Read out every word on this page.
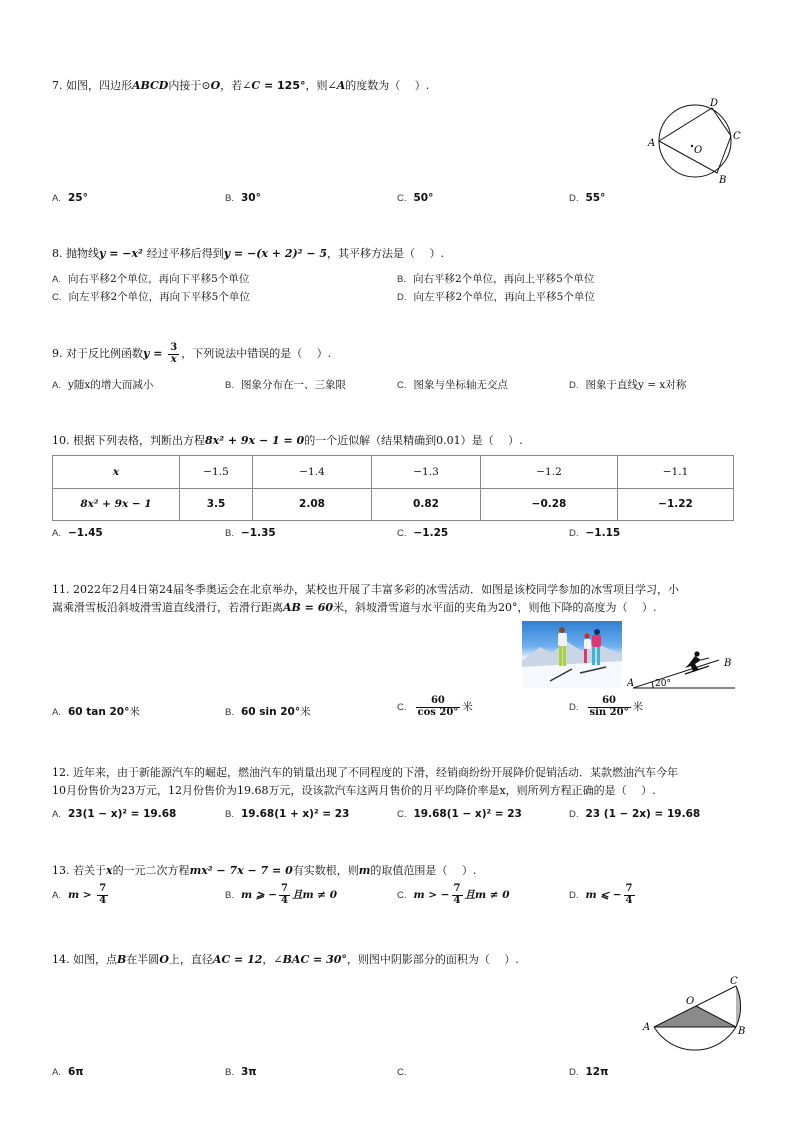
7. 如图，四边形ABCD内接于⊙O，若∠C = 125°，则∠A的度数为（　 ）.
A
D
C
B
O
A. 25°	B. 30°	C. 50°	D. 55°
8. 抛物线y = −x² 经过平移后得到y = −(x + 2)² − 5，其平移方法是（　 ）.
A. 向右平移2个单位，再向下平移5个单位	B. 向右平移2个单位，再向上平移5个单位
C. 向左平移2个单位，再向下平移5个单位	D. 向左平移2个单位，再向上平移5个单位
9. 对于反比例函数$y = \frac{3}{x}$ ，下列说法中错误的是（　 ）.
A. y随x的增大而减小	B. 图象分布在一、三象限	C. 图象与坐标轴无交点	D. 图象于直线y = x对称
10. 根据下列表格，判断出方程8x² + 9x − 1 = 0的一个近似解（结果精确到0.01）是（　 ）.
x	−1.5	−1.4	−1.3	−1.2	−1.1
8x² + 9x − 1	3.5	2.08	0.82	−0.28	−1.22
A. −1.45	B. −1.35	C. −1.25	D. −1.15
11. 2022年2月4日第24届冬季奥运会在北京举办，某校也开展了丰富多彩的冰雪活动．如图是该校同学参加的冰雪项目学习，小
嵩乘滑雪板沿斜坡滑雪道直线滑行，若滑行距离AB = 60米，斜坡滑雪道与水平面的夹角为20°，则他下降的高度为（　 ）.
A
B
20°
A. 60 tan 20°米	B. 60 sin 20°米	C. $\frac{60}{\cos 20^\circ}$ 米	D. $\frac{60}{\sin 20^\circ}$ 米
12. 近年来，由于新能源汽车的崛起，燃油汽车的销量出现了不同程度的下滑，经销商纷纷开展降价促销活动．某款燃油汽车今年
10月份售价为23万元，12月份售价为19.68万元，设该款汽车这两月售价的月平均降价率是x，则所列方程正确的是（　 ）.
A. 23(1 − x)² = 19.68	B. 19.68(1 + x)² = 23	C. 19.68(1 − x)² = 23	D. 23 (1 − 2x) = 19.68
13. 若关于x的一元二次方程mx² − 7x − 7 = 0有实数根，则m的取值范围是（　 ）.
A. $m > \frac{7}{4}$	B. m ⩾ − $\frac{7}{4}$ 且m ≠ 0	C. m > − $\frac{7}{4}$ 且m ≠ 0	D. m ⩽ − $\frac{7}{4}$
14. 如图，点B在半圆O上，直径AC = 12，∠BAC = 30°，则图中阴影部分的面积为（　 ）.
A
C
O
B
A. 6π	B. 3π	C.	D. 12π
